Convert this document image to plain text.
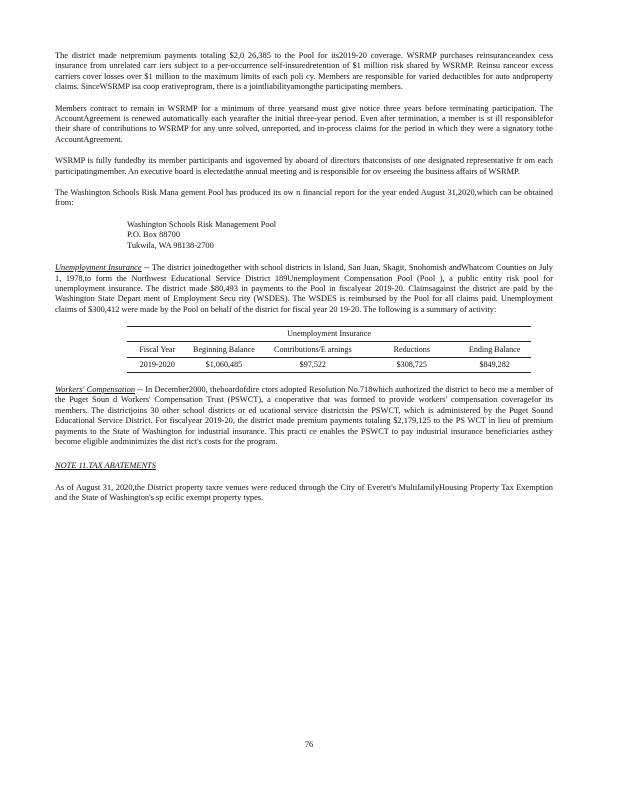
The district made netpremium payments totaling $2,0 26,385 to the Pool for its2019-20 coverage. WSRMP purchases reinsuranceandex cess insurance from unrelated carr iers subject to a per-occurrence self-insuredretention of $1 million risk shared by WSRMP. Reinsu ranceor excess carriers cover losses over $1 million to the maximum limits of each poli cy. Members are responsible for varied deductibles for auto andproperty claims. SinceWSRMP isa coop erativeprogram, there is a jointliabilityamongthe participating members.

Members contract to remain in WSRMP for a minimum of three yearsand must give notice three years before terminating participation. The AccountAgreement is renewed automatically each yearafter the initial three-year period. Even after termination, a member is st ill responsiblefor their share of contributions to WSRMP for any unre solved, unreported, and in-process claims for the period in which they were a signatory tothe AccountAgreement.

WSRMP is fully fundedby its member participants and isgoverned by aboard of directors thatconsists of one designated representative fr om each participatingmember. An executive board is electedatthe annual meeting and is responsible for ov erseeing the business affairs of WSRMP.

The Washington Schools Risk Mana gement Pool has produced its ow n financial report for the year ended August 31,2020,which can be obtained from:

Washington Schools Risk Management Pool
P.O. Box 88700
Tukwila, WA 98138-2700

Unemployment Insurance -- The district joinedtogether with school districts in Island, San Juan, Skagit, Snohomish andWhatcom Counties on July 1, 1978,to form the Northwest Educational Service District 189Unemployment Compensation Pool (Pool ), a public entity risk pool for unemployment insurance. The district made $80,493 in payments to the Pool in fiscalyear 2019-20. Claimsagainst the district are paid by the Washington State Depart ment of Employment Secu rity (WSDES). The WSDES is reimbursed by the Pool for all claims paid. Unemployment claims of $300,412 were made by the Pool on behalf of the district for fiscal year 20 19-20. The following is a summary of activity:

Unemployment Insurance				
Fiscal Year	Beginning Balance	Contributions/E arnings	Reductions	Ending Balance
2019-2020	$1,060,485	$97,522	$308,725	$849,282

Workers' Compensation -- In December2000, theboardofdire ctors adopted Resolution No.718which authorized the district to beco me a member of the Puget Soun d Workers' Compensation Trust (PSWCT), a cooperative that was formed to provide workers' compensation coveragefor its members. The districtjoins 30 other school districts or ed ucational service districtsin the PSWCT, which is administered by the Puget Sound Educational Service District. For fiscalyear 2019-20, the district made premium payments totaling $2,179,125 to the PS WCT in lieu of premium payments to the State of Washington for industrial insurance. This practi ce enables the PSWCT to pay industrial insurance beneficiaries asthey become eligible andminimizes the dist rict's costs for the program.

NOTE 11.TAX ABATEMENTS

As of August 31, 2020,the District property taxre venues were reduced through the City of Everett's MultifamilyHousing Property Tax Exemption and the State of Washington's sp ecific exempt property types.

76
